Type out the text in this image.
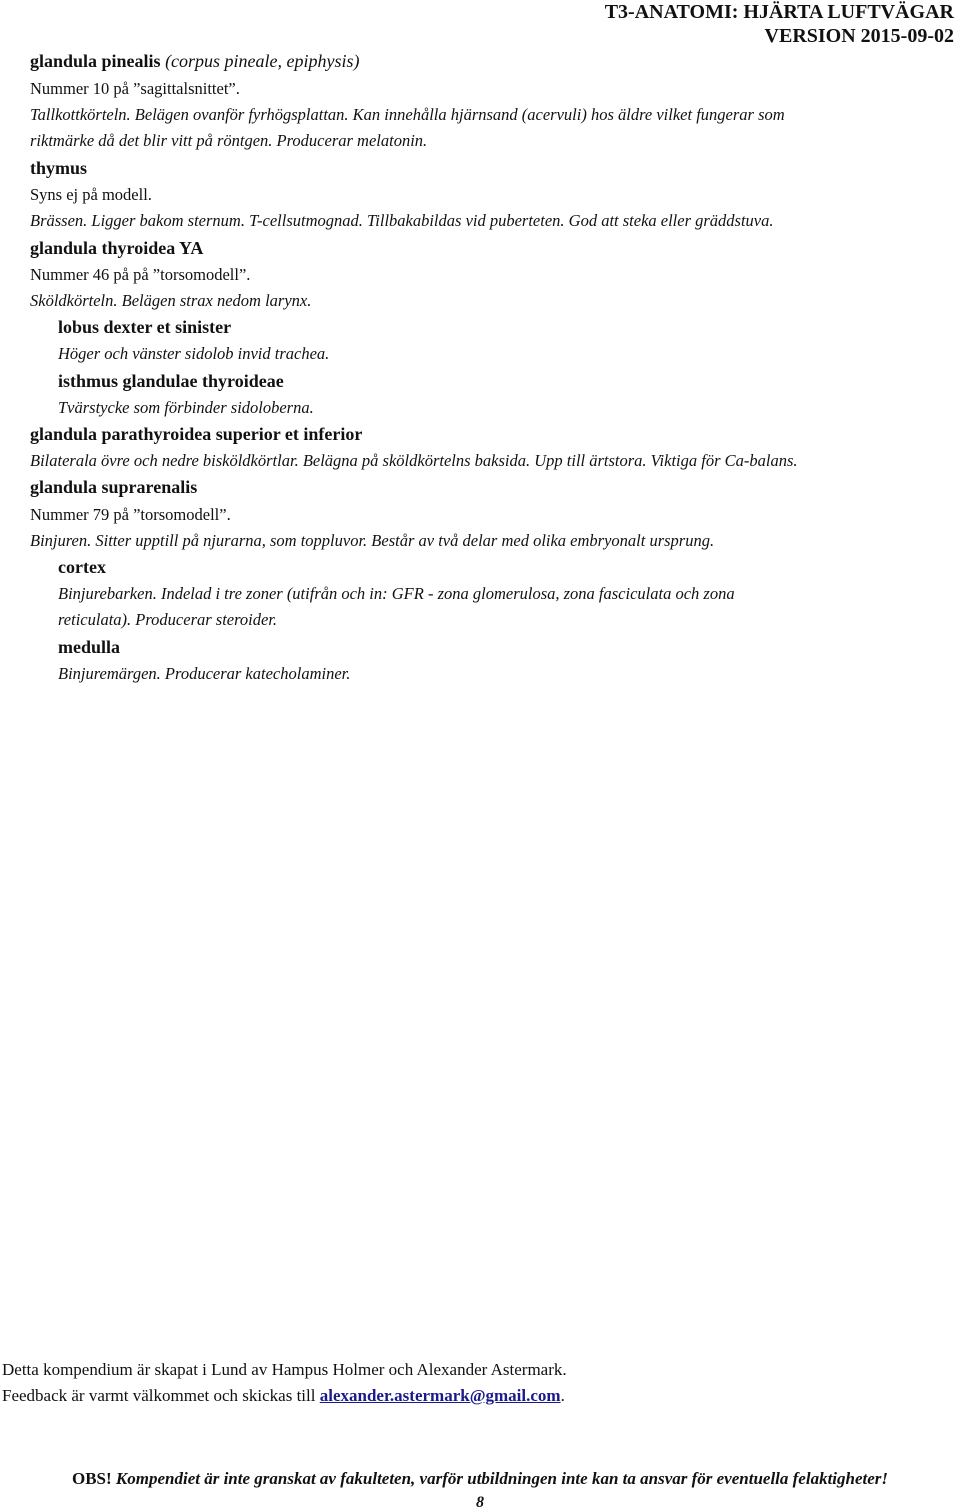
T3-ANATOMI: HJÄRTA LUFTVÄGAR
VERSION 2015-09-02
glandula pinealis (corpus pineale, epiphysis)
Nummer 10 på ”sagittalsnittet”.
Tallkottkörteln. Belägen ovanför fyrhögsplattan. Kan innehålla hjärnsand (acervuli) hos äldre vilket fungerar som
riktmärke då det blir vitt på röntgen. Producerar melatonin.
thymus
Syns ej på modell.
Brässen. Ligger bakom sternum. T-cellsutmognad. Tillbakabildas vid puberteten. God att steka eller gräddstuva.
glandula thyroidea YA
Nummer 46 på på ”torsomodell”.
Sköldkörteln. Belägen strax nedom larynx.
lobus dexter et sinister
Höger och vänster sidolob invid trachea.
isthmus glandulae thyroideae
Tvärstycke som förbinder sidoloberna.
glandula parathyroidea superior et inferior
Bilaterala övre och nedre bisköldkörtlar. Belägna på sköldkörtelns baksida. Upp till ärtstora. Viktiga för Ca-balans.
glandula suprarenalis
Nummer 79 på ”torsomodell”.
Binjuren. Sitter upptill på njurarna, som toppluvor. Består av två delar med olika embryonalt ursprung.
cortex
Binjurebarken. Indelad i tre zoner (utifrån och in: GFR - zona glomerulosa, zona fasciculata och zona
reticulata). Producerar steroider.
medulla
Binjuremärgen. Producerar katecholaminer.
Detta kompendium är skapat i Lund av Hampus Holmer och Alexander Astermark.
Feedback är varmt välkommet och skickas till alexander.astermark@gmail.com.
OBS! Kompendiet är inte granskat av fakulteten, varför utbildningen inte kan ta ansvar för eventuella felaktigheter!
8
